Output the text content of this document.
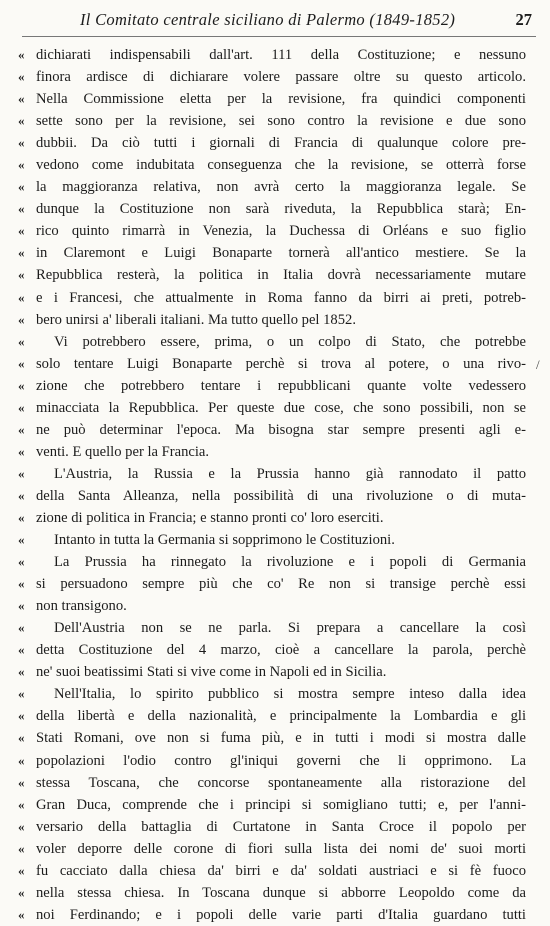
Il Comitato centrale siciliano di Palermo (1849-1852)	27
« dichiarati indispensabili dall'art. 111 della Costituzione; e nessuno
« finora ardisce di dichiarare volere passare oltre su questo articolo.
« Nella Commissione eletta per la revisione, fra quindici componenti
« sette sono per la revisione, sei sono contro la revisione e due sono
« dubbii. Da ciò tutti i giornali di Francia di qualunque colore pre-
« vedono come indubitata conseguenza che la revisione, se otterrà forse
« la maggioranza relativa, non avrà certo la maggioranza legale. Se
« dunque la Costituzione non sarà riveduta, la Repubblica starà; En-
« rico quinto rimarrà in Venezia, la Duchessa di Orléans e suo figlio
« in Claremont e Luigi Bonaparte tornerà all'antico mestiere. Se la
« Repubblica resterà, la politica in Italia dovrà necessariamente mutare
« e i Francesi, che attualmente in Roma fanno da birri ai preti, potreb-
« bero unirsi a' liberali italiani. Ma tutto quello pel 1852.
«	Vi potrebbero essere, prima, o un colpo di Stato, che potrebbe
« solo tentare Luigi Bonaparte perchè si trova al potere, o una rivo-
« zione che potrebbero tentare i repubblicani quante volte vedessero
« minacciata la Repubblica. Per queste due cose, che sono possibili, non se
« ne può determinar l'epoca. Ma bisogna star sempre presenti agli e-
« venti. E quello per la Francia.
«	L'Austria, la Russia e la Prussia hanno già rannodato il patto
« della Santa Alleanza, nella possibilità di una rivoluzione o di muta-
« zione di politica in Francia; e stanno pronti co' loro eserciti.
«	Intanto in tutta la Germania si sopprimono le Costituzioni.
«	La Prussia ha rinnegato la rivoluzione e i popoli di Germania
« si persuadono sempre più che co' Re non si transige perchè essi
« non transigono.
«	Dell'Austria non se ne parla. Si prepara a cancellare la così
« detta Costituzione del 4 marzo, cioè a cancellare la parola, perchè
« ne' suoi beatissimi Stati si vive come in Napoli ed in Sicilia.
«	Nell'Italia, lo spirito pubblico si mostra sempre inteso dalla idea
« della libertà e della nazionalità, e principalmente la Lombardia e gli
« Stati Romani, ove non si fuma più, e in tutti i modi si mostra dalle
« popolazioni l'odio contro gl'iniqui governi che li opprimono. La
« stessa Toscana, che concorse spontaneamente alla ristorazione del
« Gran Duca, comprende che i principi si somigliano tutti; e, per l'anni-
« versario della battaglia di Curtatone in Santa Croce il popolo per
« voler deporre delle corone di fiori sulla lista dei nomi de' suoi morti
« fu cacciato dalla chiesa da' birri e da' soldati austriaci e si fè fuoco
« nella stessa chiesa. In Toscana dunque si abborre Leopoldo come da
« noi Ferdinando; e i popoli delle varie parti d'Italia guardano tutti
/
